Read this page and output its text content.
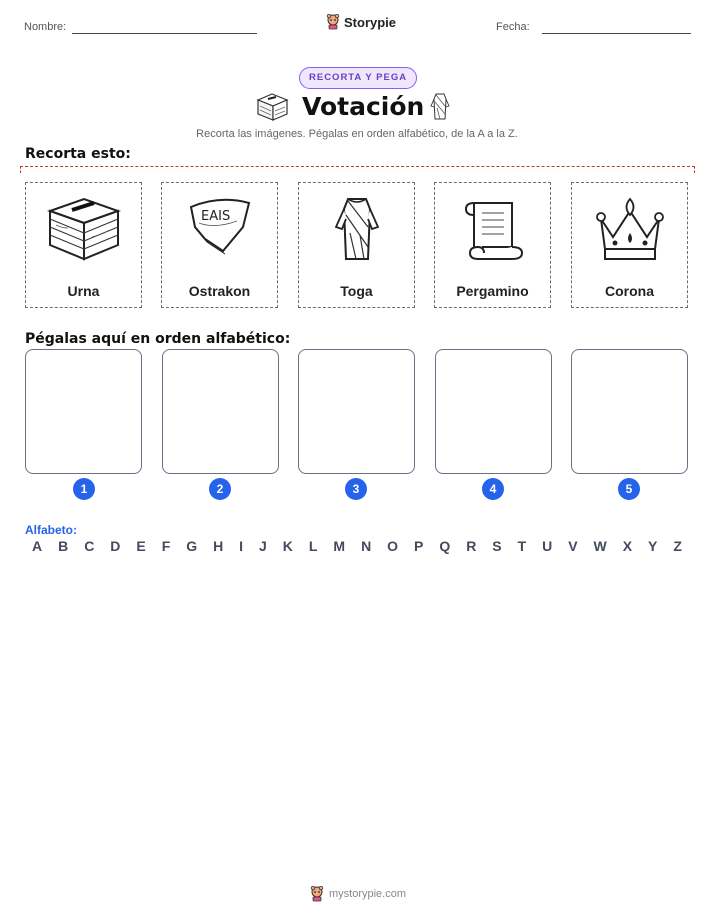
Nombre:	Storypie	Fecha:
RECORTA Y PEGA
Votación
Recorta las imágenes. Pégalas en orden alfabético, de la A a la Z.
Recorta esto:
Urna
EAIS
Ostrakon	Toga	Pergamino	Corona
Pégalas aquí en orden alfabético:
1	2	3	4	5
Alfabeto:
A B C D E F G H I J K L M N O P Q R S T U V W X Y Z
mystorypie.com
